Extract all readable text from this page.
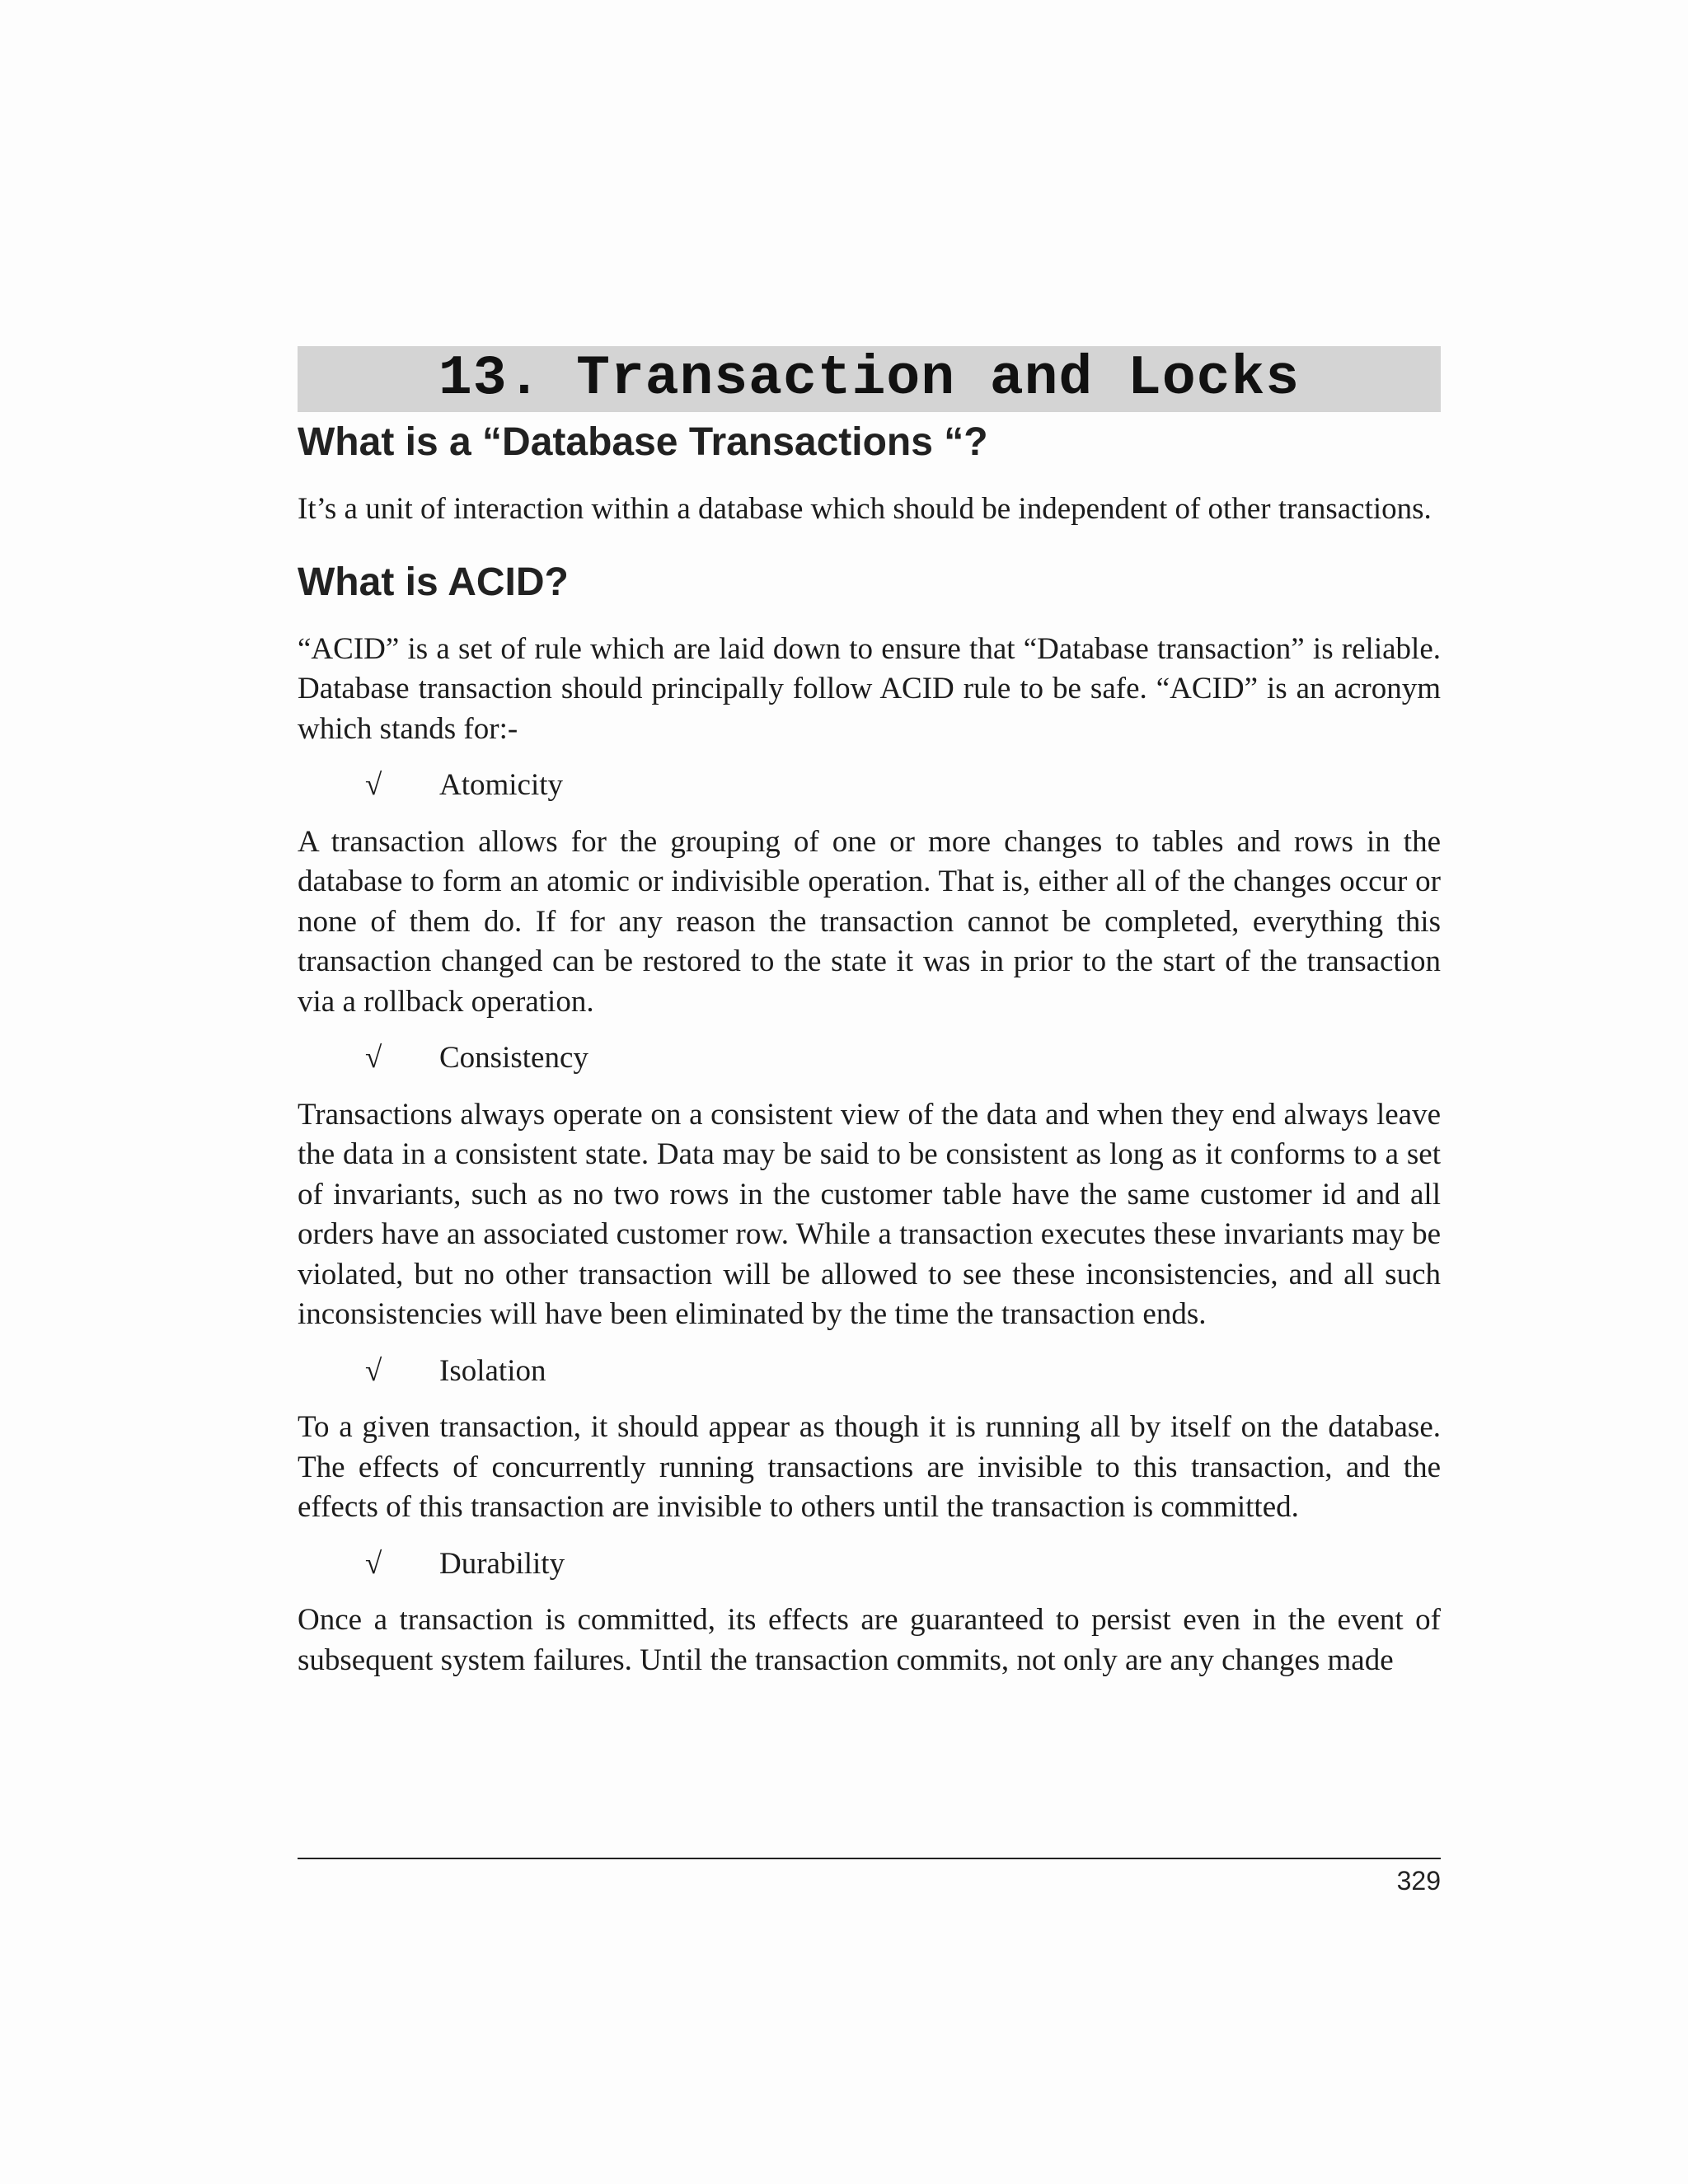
13. Transaction and Locks
What is a “Database Transactions “?

It’s a unit of interaction within a database which should be independent of other transactions.

What is ACID?

“ACID” is a set of rule which are laid down to ensure that “Database transaction” is reliable. Database transaction should principally follow ACID rule to be safe. “ACID” is an acronym which stands for:-

√	Atomicity

A transaction allows for the grouping of one or more changes to tables and rows in the database to form an atomic or indivisible operation. That is, either all of the changes occur or none of them do. If for any reason the transaction cannot be completed, everything this transaction changed can be restored to the state it was in prior to the start of the transaction via a rollback operation.

√	Consistency

Transactions always operate on a consistent view of the data and when they end always leave the data in a consistent state. Data may be said to be consistent as long as it conforms to a set of invariants, such as no two rows in the customer table have the same customer id and all orders have an associated customer row. While a transaction executes these invariants may be violated, but no other transaction will be allowed to see these inconsistencies, and all such inconsistencies will have been eliminated by the time the transaction ends.

√	Isolation

To a given transaction, it should appear as though it is running all by itself on the database. The effects of concurrently running transactions are invisible to this transaction, and the effects of this transaction are invisible to others until the transaction is committed.

√	Durability

Once a transaction is committed, its effects are guaranteed to persist even in the event of subsequent system failures. Until the transaction commits, not only are any changes made

329
